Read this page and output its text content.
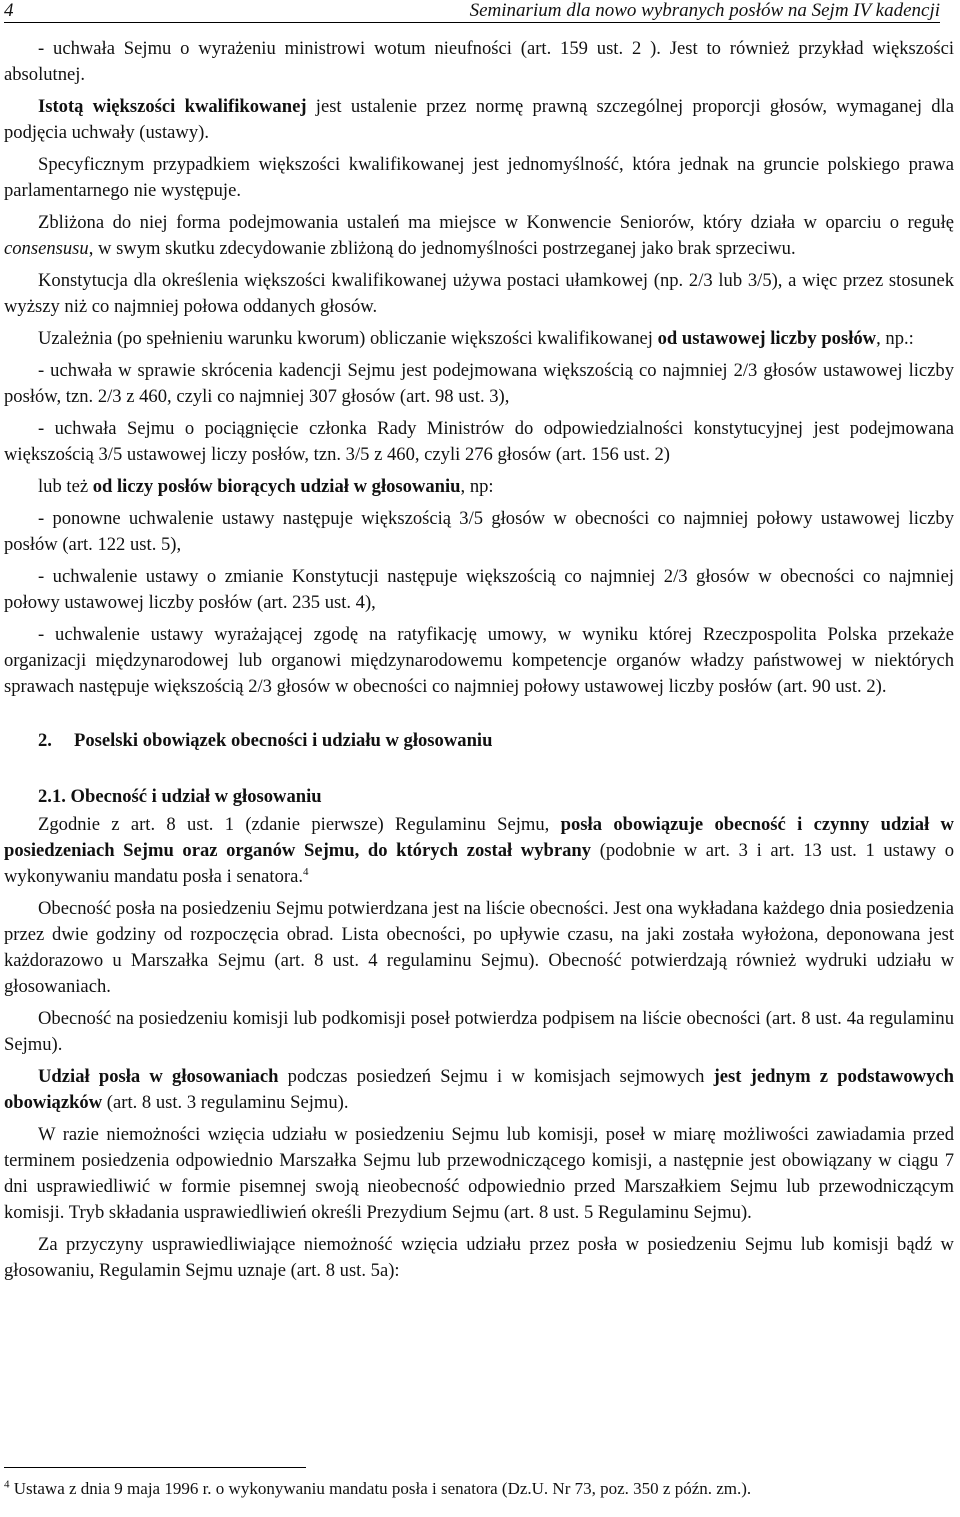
4	Seminarium dla nowo wybranych posłów na Sejm IV kadencji

- uchwała Sejmu o wyrażeniu ministrowi wotum nieufności (art. 159 ust. 2 ). Jest to również przykład większości absolutnej.

Istotą większości kwalifikowanej jest ustalenie przez normę prawną szczególnej proporcji głosów, wymaganej dla podjęcia uchwały (ustawy).

Specyficznym przypadkiem większości kwalifikowanej jest jednomyślność, która jednak na gruncie polskiego prawa parlamentarnego nie występuje.

Zbliżona do niej forma podejmowania ustaleń ma miejsce w Konwencie Seniorów, który działa w oparciu o regułę consensusu, w swym skutku zdecydowanie zbliżoną do jednomyślności postrzeganej jako brak sprzeciwu.

Konstytucja dla określenia większości kwalifikowanej używa postaci ułamkowej (np. 2/3 lub 3/5), a więc przez stosunek wyższy niż co najmniej połowa oddanych głosów.

Uzależnia (po spełnieniu warunku kworum) obliczanie większości kwalifikowanej od ustawowej liczby posłów, np.:

- uchwała w sprawie skrócenia kadencji Sejmu jest podejmowana większością co najmniej 2/3 głosów ustawowej liczby posłów, tzn. 2/3 z 460, czyli co najmniej 307 głosów (art. 98 ust. 3),

- uchwała Sejmu o pociągnięcie członka Rady Ministrów do odpowiedzialności konstytucyjnej jest podejmowana większością 3/5 ustawowej liczy posłów, tzn. 3/5 z 460, czyli 276 głosów (art. 156 ust. 2)

lub też od liczy posłów biorących udział w głosowaniu, np:

- ponowne uchwalenie ustawy następuje większością 3/5 głosów w obecności co najmniej połowy ustawowej liczby posłów (art. 122 ust. 5),

- uchwalenie ustawy o zmianie Konstytucji następuje większością co najmniej 2/3 głosów w obecności co najmniej połowy ustawowej liczby posłów (art. 235 ust. 4),

- uchwalenie ustawy wyrażającej zgodę na ratyfikację umowy, w wyniku której Rzeczpospolita Polska przekaże organizacji międzynarodowej lub organowi międzynarodowemu kompetencje organów władzy państwowej w niektórych sprawach następuje większością 2/3 głosów w obecności co najmniej połowy ustawowej liczby posłów (art. 90 ust. 2).

2.	Poselski obowiązek obecności i udziału w głosowaniu
2.1. Obecność i udział w głosowaniu

Zgodnie z art. 8 ust. 1 (zdanie pierwsze) Regulaminu Sejmu, posła obowiązuje obecność i czynny udział w posiedzeniach Sejmu oraz organów Sejmu, do których został wybrany (podobnie w art. 3 i art. 13 ust. 1 ustawy o wykonywaniu mandatu posła i senatora.$^4$

Obecność posła na posiedzeniu Sejmu potwierdzana jest na liście obecności. Jest ona wykładana każdego dnia posiedzenia przez dwie godziny od rozpoczęcia obrad. Lista obecności, po upływie czasu, na jaki została wyłożona, deponowana jest każdorazowo u Marszałka Sejmu (art. 8 ust. 4 regulaminu Sejmu). Obecność potwierdzają również wydruki udziału w głosowaniach.

Obecność na posiedzeniu komisji lub podkomisji poseł potwierdza podpisem na liście obecności (art. 8 ust. 4a regulaminu Sejmu).

Udział posła w głosowaniach podczas posiedzeń Sejmu i w komisjach sejmowych jest jednym z podstawowych obowiązków (art. 8 ust. 3 regulaminu Sejmu).

W razie niemożności wzięcia udziału w posiedzeniu Sejmu lub komisji, poseł w miarę możliwości zawiadamia przed terminem posiedzenia odpowiednio Marszałka Sejmu lub przewodniczącego komisji, a następnie jest obowiązany w ciągu 7 dni usprawiedliwić w formie pisemnej swoją nieobecność odpowiednio przed Marszałkiem Sejmu lub przewodniczącym komisji. Tryb składania usprawiedliwień określi Prezydium Sejmu (art. 8 ust. 5 Regulaminu Sejmu).

Za przyczyny usprawiedliwiające niemożność wzięcia udziału przez posła w posiedzeniu Sejmu lub komisji bądź w głosowaniu, Regulamin Sejmu uznaje (art. 8 ust. 5a):

$^4$ Ustawa z dnia 9 maja 1996 r. o wykonywaniu mandatu posła i senatora (Dz.U. Nr 73, poz. 350 z późn. zm.).
